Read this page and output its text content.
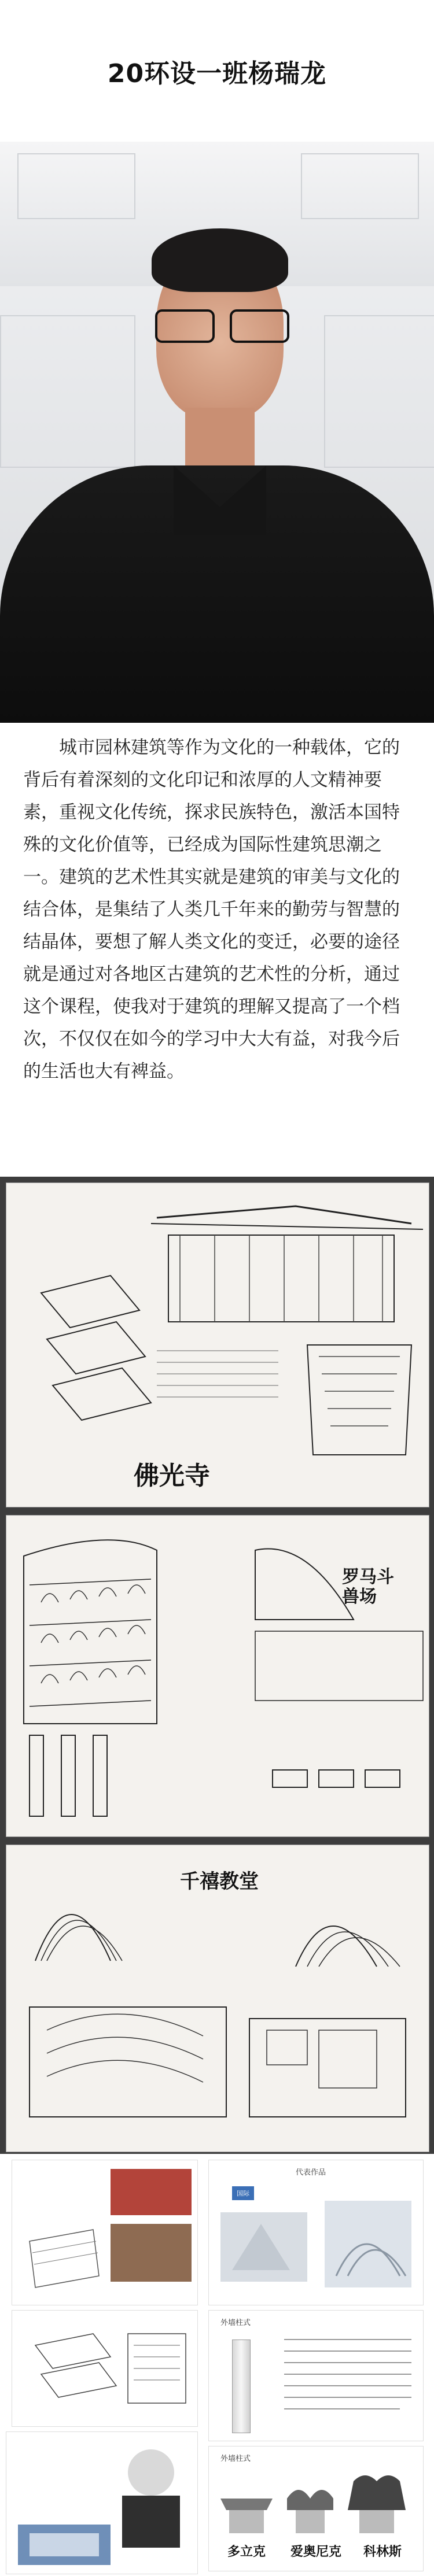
20环设一班杨瑞龙

城市园林建筑等作为文化的一种载体，它的背后有着深刻的文化印记和浓厚的人文精神要素，重视文化传统，探求民族特色，激活本国特殊的文化价值等，已经成为国际性建筑思潮之一。建筑的艺术性其实就是建筑的审美与文化的结合体，是集结了人类几千年来的勤劳与智慧的结晶体，要想了解人类文化的变迁，必要的途径就是通过对各地区古建筑的艺术性的分析，通过这个课程，使我对于建筑的理解又提高了一个档次，不仅仅在如今的学习中大大有益，对我今后的生活也大有裨益。

佛光寺
罗马斗兽场
千禧教堂
代表作品
国际
外墙柱式
外墙柱式
多立克	爱奥尼克	科林斯
